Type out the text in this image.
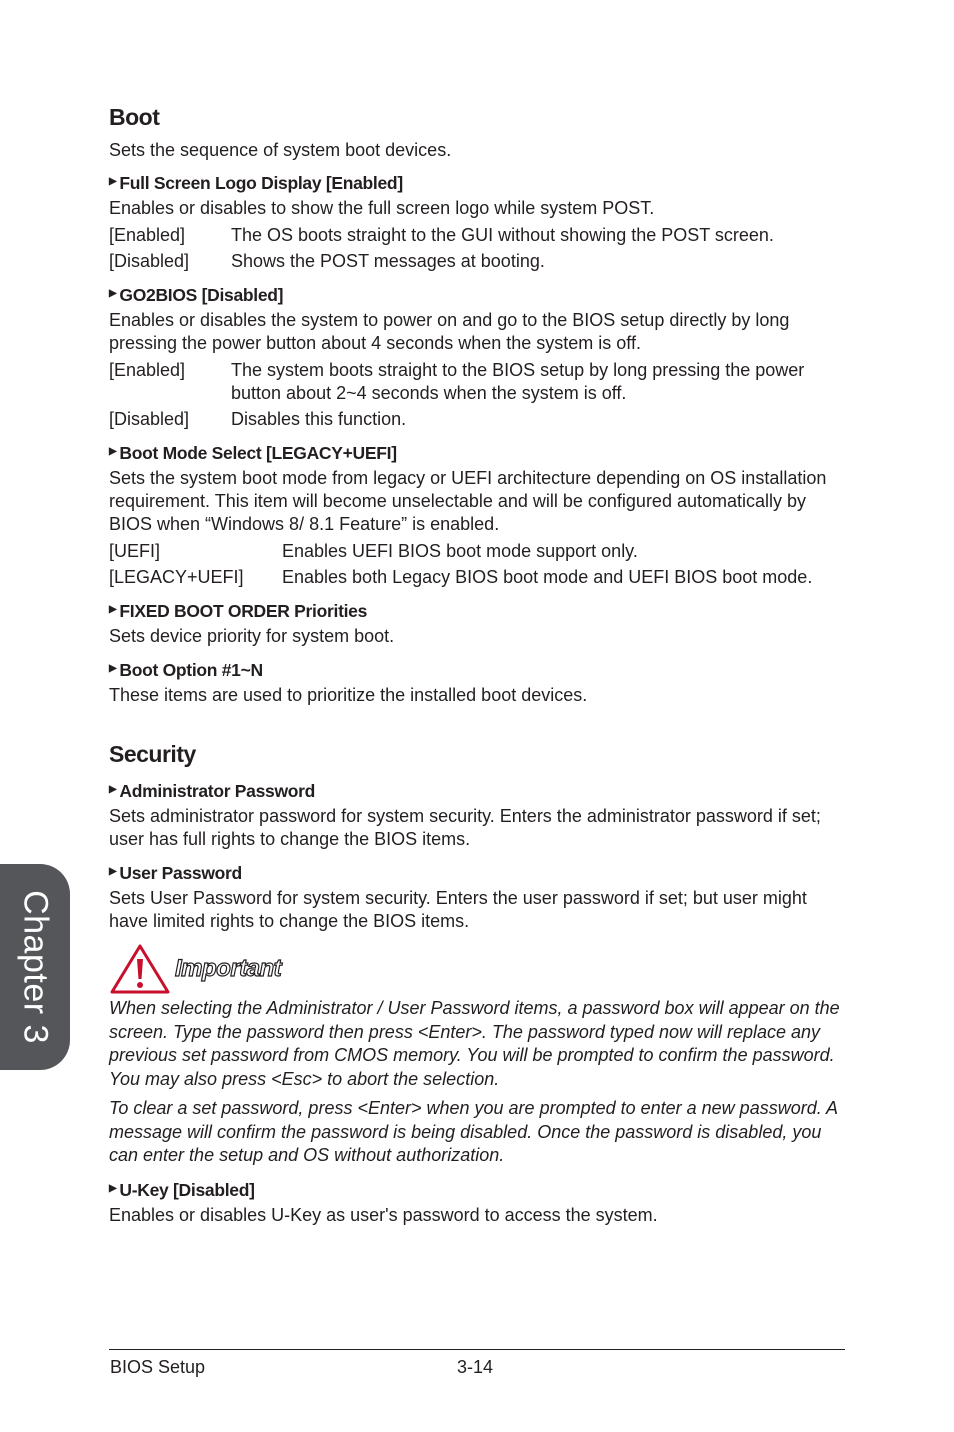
Boot

Sets the sequence of system boot devices.

▶ Full Screen Logo Display [Enabled]

Enables or disables to show the full screen logo while system POST.

[Enabled]	The OS boots straight to the GUI without showing the POST screen.
[Disabled]	Shows the POST messages at booting.
▶ GO2BIOS [Disabled]

Enables or disables the system to power on and go to the BIOS setup directly by long pressing the power button about 4 seconds when the system is off.

[Enabled]	The system boots straight to the BIOS setup by long pressing the power button about 2~4 seconds when the system is off.
[Disabled]	Disables this function.
▶ Boot Mode Select [LEGACY+UEFI]

Sets the system boot mode from legacy or UEFI architecture depending on OS installation requirement. This item will become unselectable and will be configured automatically by BIOS when “Windows 8/ 8.1 Feature” is enabled.

[UEFI]	Enables UEFI BIOS boot mode support only.
[LEGACY+UEFI]	Enables both Legacy BIOS boot mode and UEFI BIOS boot mode.
▶ FIXED BOOT ORDER Priorities

Sets device priority for system boot.

▶ Boot Option #1~N

These items are used to prioritize the installed boot devices.

Security
▶ Administrator Password

Sets administrator password for system security. Enters the administrator password if set; user has full rights to change the BIOS items.

▶ User Password

Sets User Password for system security. Enters the user password if set; but user might have limited rights to change the BIOS items.

Important

When selecting the Administrator / User Password items, a password box will appear on the screen. Type the password then press <Enter>. The password typed now will replace any previous set password from CMOS memory. You will be prompted to confirm the password. You may also press <Esc> to abort the selection.

To clear a set password, press <Enter> when you are prompted to enter a new password. A message will confirm the password is being disabled. Once the password is disabled, you can enter the setup and OS without authorization.

▶ U-Key [Disabled]

Enables or disables U-Key as user's password to access the system.

Chapter 3
BIOS Setup	3-14
